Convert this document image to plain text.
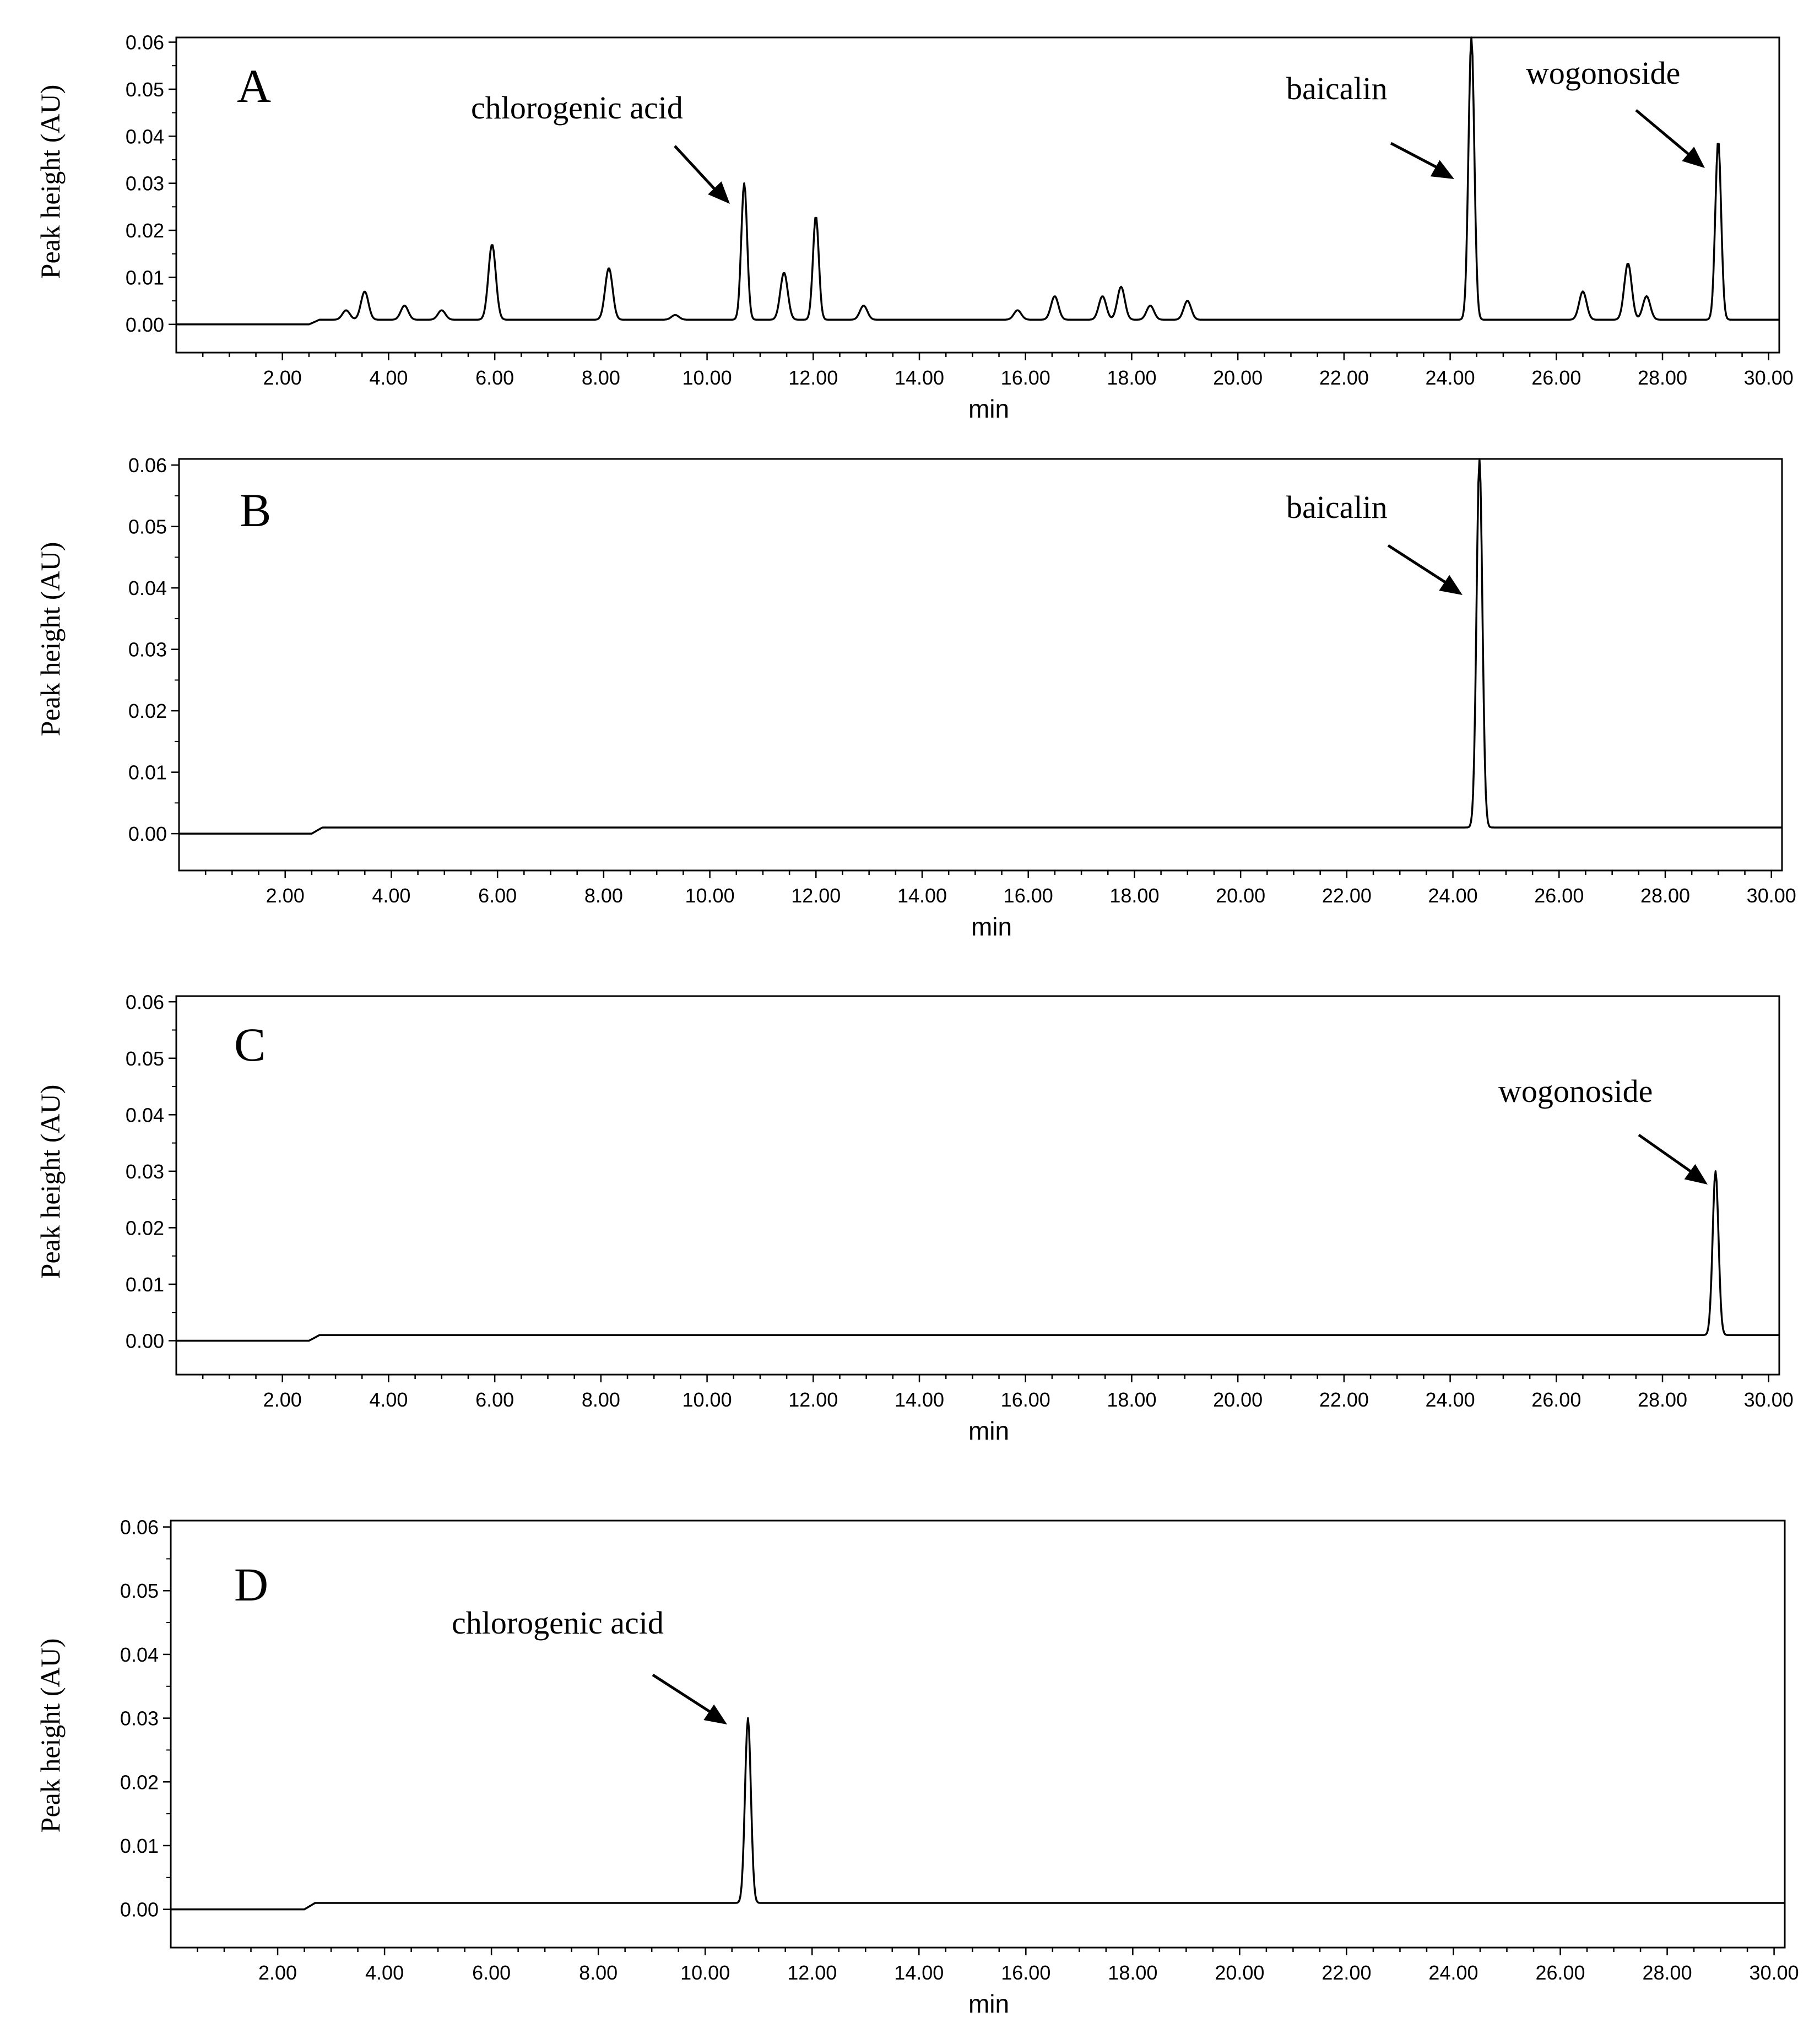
2.00	4.00	6.00	8.00	10.00	12.00	14.00	16.00	18.00	20.00	22.00	24.00	26.00	28.00	30.00
0.00
0.01
0.02
0.03
0.04
0.05
0.06
min
Peak height (AU)	A	chlorogenic acid
baicalin	wogonoside
2.00	4.00	6.00	8.00	10.00	12.00	14.00	16.00	18.00	20.00	22.00	24.00	26.00	28.00	30.00
0.00
0.01
0.02
0.03
0.04
0.05
0.06
min
Peak height (AU)
B	baicalin
2.00	4.00	6.00	8.00	10.00	12.00	14.00	16.00	18.00	20.00	22.00	24.00	26.00	28.00	30.00
0.00
0.01
0.02
0.03
0.04
0.05
0.06
min
Peak height (AU)
C
wogonoside
2.00	4.00	6.00	8.00	10.00	12.00	14.00	16.00	18.00	20.00	22.00	24.00	26.00	28.00	30.00
0.00
0.01
0.02
0.03
0.04
0.05
0.06
min
Peak height (AU)
D
chlorogenic acid
